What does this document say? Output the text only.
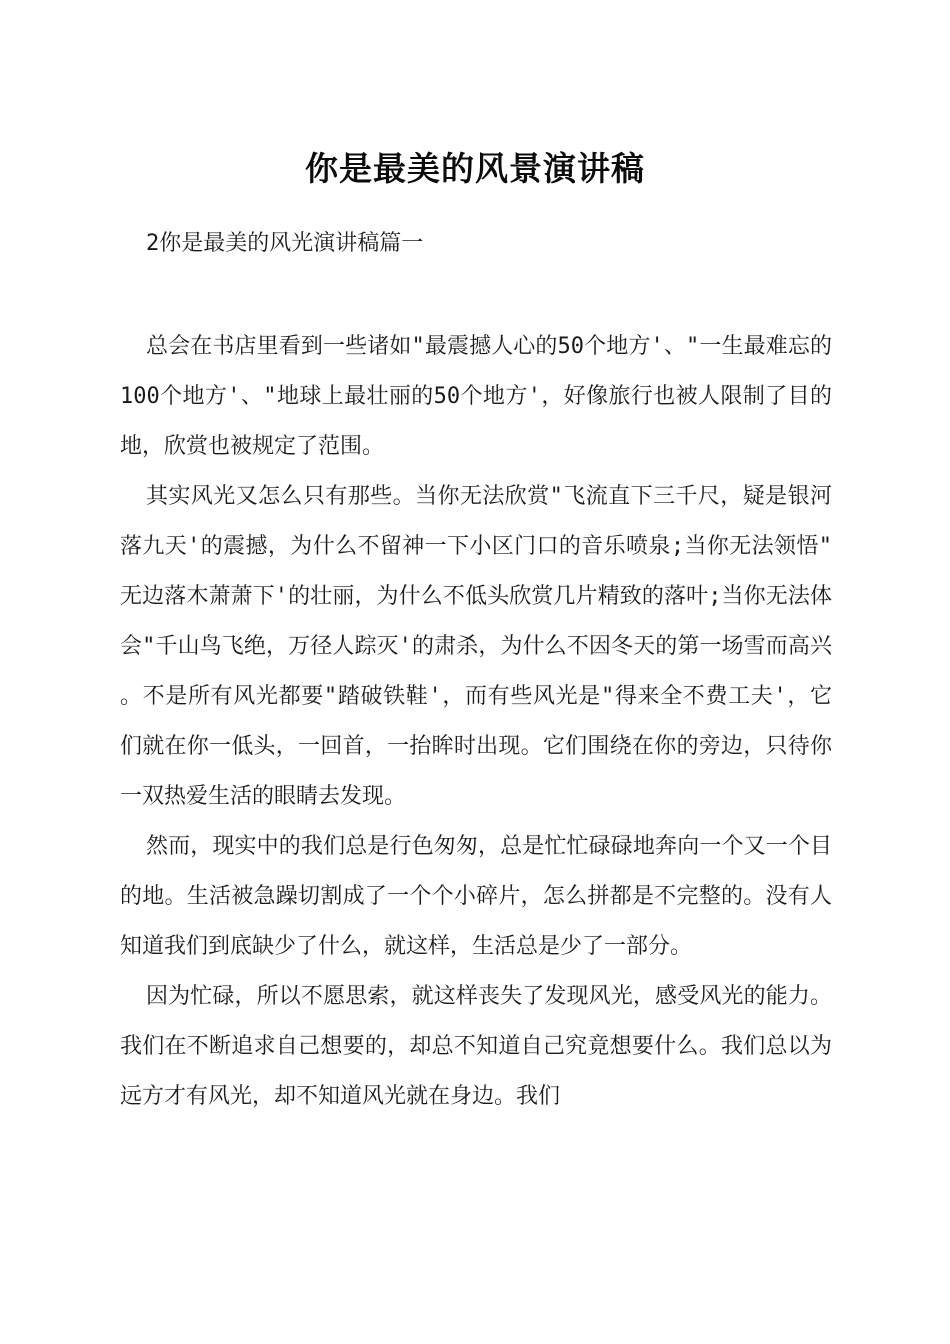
你是最美的风景演讲稿
2你是最美的风光演讲稿篇一

总会在书店里看到一些诸如"最震撼人心的50个地方'、"一生最难忘的100个地方'、"地球上最壮丽的50个地方'，好像旅行也被人限制了目的地，欣赏也被规定了范围。

其实风光又怎么只有那些。当你无法欣赏"飞流直下三千尺，疑是银河落九天'的震撼，为什么不留神一下小区门口的音乐喷泉;当你无法领悟"无边落木萧萧下'的壮丽，为什么不低头欣赏几片精致的落叶;当你无法体会"千山鸟飞绝，万径人踪灭'的肃杀，为什么不因冬天的第一场雪而高兴。不是所有风光都要"踏破铁鞋'，而有些风光是"得来全不费工夫'，它们就在你一低头，一回首，一抬眸时出现。它们围绕在你的旁边，只待你一双热爱生活的眼睛去发现。

然而，现实中的我们总是行色匆匆，总是忙忙碌碌地奔向一个又一个目的地。生活被急躁切割成了一个个小碎片，怎么拼都是不完整的。没有人知道我们到底缺少了什么，就这样，生活总是少了一部分。

因为忙碌，所以不愿思索，就这样丧失了发现风光，感受风光的能力。我们在不断追求自己想要的，却总不知道自己究竟想要什么。我们总以为远方才有风光，却不知道风光就在身边。我们
